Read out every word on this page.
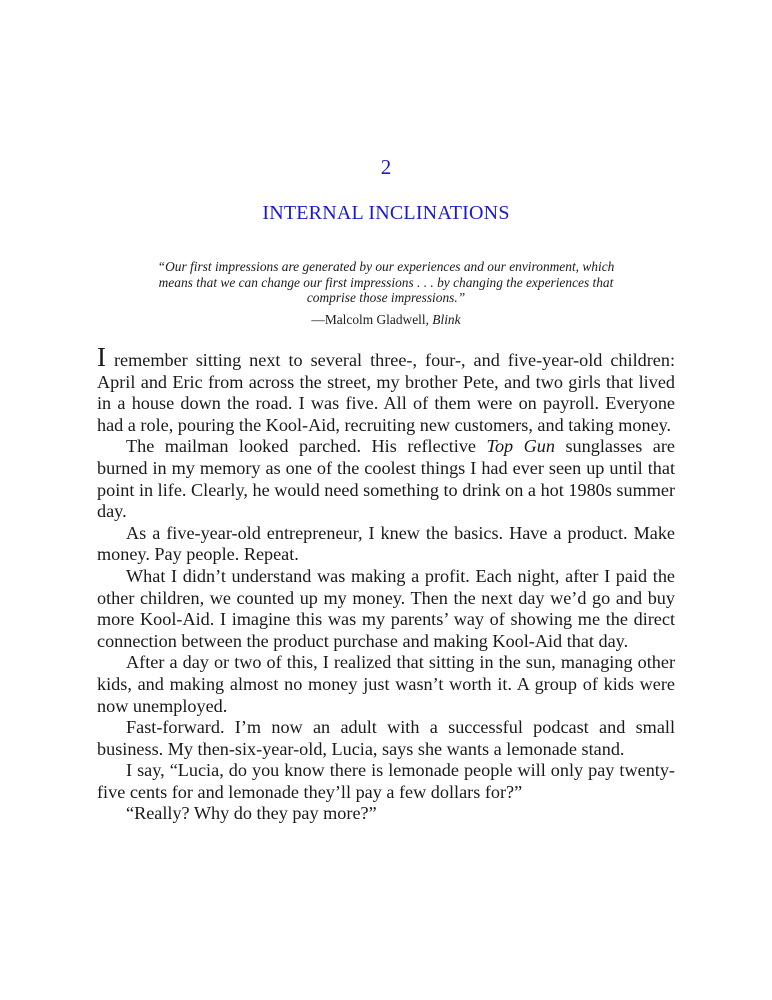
2
INTERNAL INCLINATIONS
“Our first impressions are generated by our experiences and our environment, which means that we can change our first impressions . . . by changing the experiences that comprise those impressions.”
—Malcolm Gladwell, Blink

I remember sitting next to several three-, four-, and five-year-old children: April and Eric from across the street, my brother Pete, and two girls that lived in a house down the road. I was five. All of them were on payroll. Everyone had a role, pouring the Kool-Aid, recruiting new customers, and taking money.

The mailman looked parched. His reflective Top Gun sunglasses are burned in my memory as one of the coolest things I had ever seen up until that point in life. Clearly, he would need something to drink on a hot 1980s summer day.

As a five-year-old entrepreneur, I knew the basics. Have a product. Make money. Pay people. Repeat.

What I didn’t understand was making a profit. Each night, after I paid the other children, we counted up my money. Then the next day we’d go and buy more Kool-Aid. I imagine this was my parents’ way of showing me the direct connection between the product purchase and making Kool-Aid that day.

After a day or two of this, I realized that sitting in the sun, managing other kids, and making almost no money just wasn’t worth it. A group of kids were now unemployed.

Fast-forward. I’m now an adult with a successful podcast and small business. My then-six-year-old, Lucia, says she wants a lemonade stand.

I say, “Lucia, do you know there is lemonade people will only pay twenty-five cents for and lemonade they’ll pay a few dollars for?”

“Really? Why do they pay more?”
